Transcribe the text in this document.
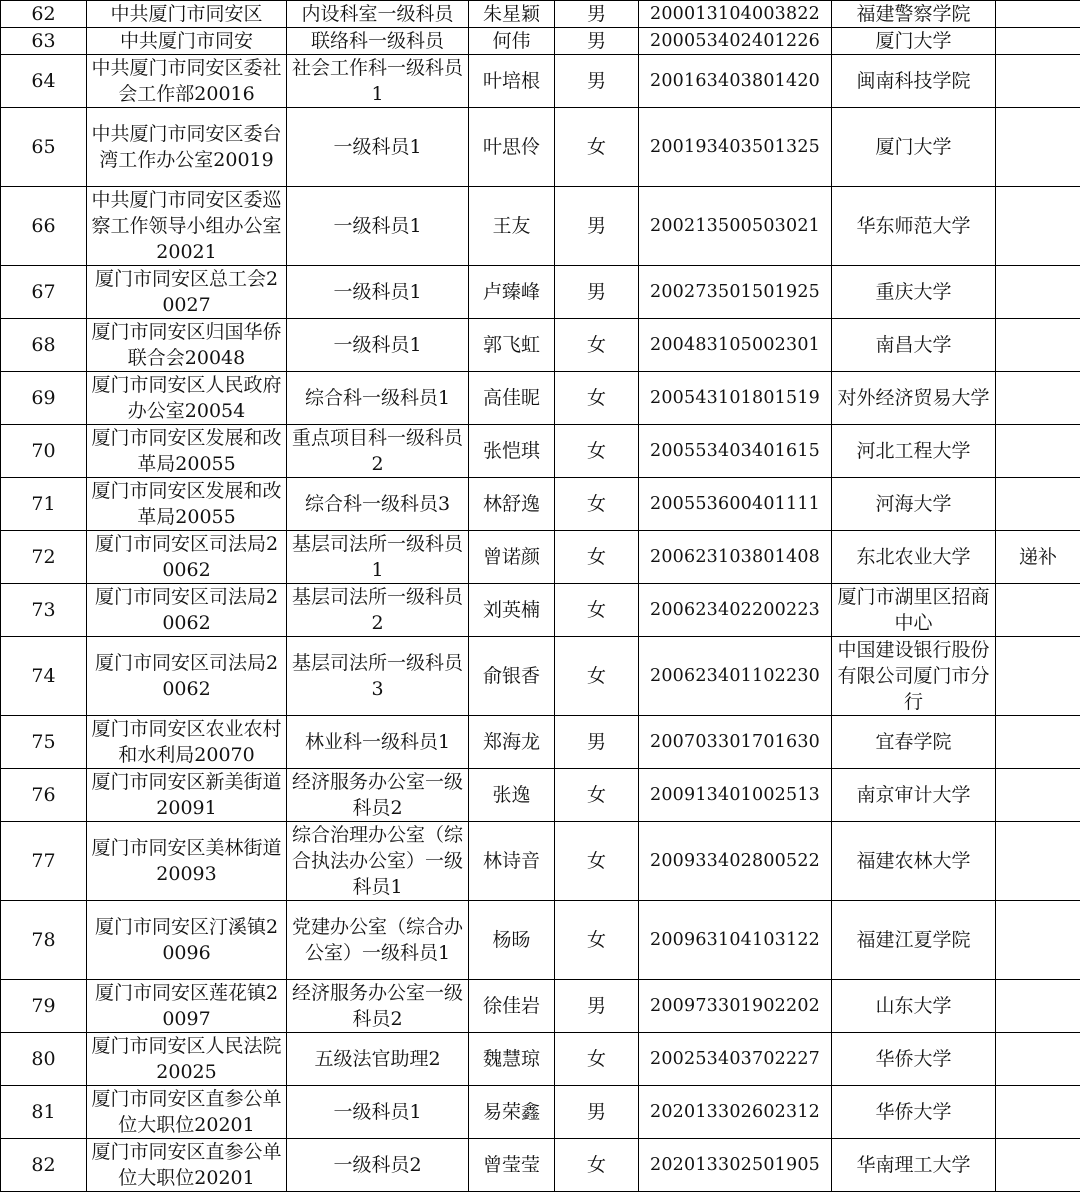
62	中共厦门市同安区	内设科室一级科员	朱星颖	男	200013104003822	福建警察学院	
63	中共厦门市同安	联络科一级科员	何伟	男	200053402401226	厦门大学	
64	中共厦门市同安区委社会工作部20016	社会工作科一级科员1	叶培根	男	200163403801420	闽南科技学院	
65	中共厦门市同安区委台湾工作办公室20019	一级科员1	叶思伶	女	200193403501325	厦门大学	
66	中共厦门市同安区委巡察工作领导小组办公室20021	一级科员1	王友	男	200213500503021	华东师范大学	
67	厦门市同安区总工会20027	一级科员1	卢臻峰	男	200273501501925	重庆大学	
68	厦门市同安区归国华侨联合会20048	一级科员1	郭飞虹	女	200483105002301	南昌大学	
69	厦门市同安区人民政府办公室20054	综合科一级科员1	高佳昵	女	200543101801519	对外经济贸易大学	
70	厦门市同安区发展和改革局20055	重点项目科一级科员2	张恺琪	女	200553403401615	河北工程大学	
71	厦门市同安区发展和改革局20055	综合科一级科员3	林舒逸	女	200553600401111	河海大学	
72	厦门市同安区司法局20062	基层司法所一级科员1	曾诺颜	女	200623103801408	东北农业大学	递补
73	厦门市同安区司法局20062	基层司法所一级科员2	刘英楠	女	200623402200223	厦门市湖里区招商中心	
74	厦门市同安区司法局20062	基层司法所一级科员3	俞银香	女	200623401102230	中国建设银行股份有限公司厦门市分行	
75	厦门市同安区农业农村和水利局20070	林业科一级科员1	郑海龙	男	200703301701630	宜春学院	
76	厦门市同安区新美街道20091	经济服务办公室一级科员2	张逸	女	200913401002513	南京审计大学	
77	厦门市同安区美林街道20093	综合治理办公室（综合执法办公室）一级科员1	林诗音	女	200933402800522	福建农林大学	
78	厦门市同安区汀溪镇20096	党建办公室（综合办公室）一级科员1	杨旸	女	200963104103122	福建江夏学院	
79	厦门市同安区莲花镇20097	经济服务办公室一级科员2	徐佳岩	男	200973301902202	山东大学	
80	厦门市同安区人民法院20025	五级法官助理2	魏慧琼	女	200253403702227	华侨大学	
81	厦门市同安区直参公单位大职位20201	一级科员1	易荣鑫	男	202013302602312	华侨大学	
82	厦门市同安区直参公单位大职位20201	一级科员2	曾莹莹	女	202013302501905	华南理工大学	
